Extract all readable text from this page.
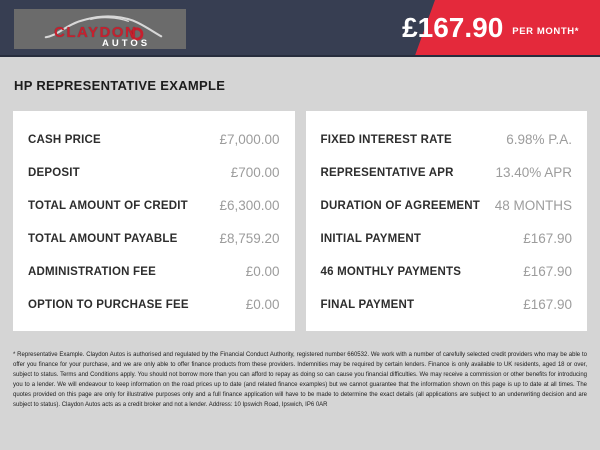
CLAYDON
AUTOS
£167.90 PER MONTH*
HP REPRESENTATIVE EXAMPLE
CASH PRICE	£7,000.00
DEPOSIT	£700.00
TOTAL AMOUNT OF CREDIT £6,300.00
TOTAL AMOUNT PAYABLE	£8,759.20
ADMINISTRATION FEE	£0.00
OPTION TO PURCHASE FEE	£0.00
FIXED INTEREST RATE	6.98% P.A.
REPRESENTATIVE APR	13.40% APR
DURATION OF AGREEMENT 48 MONTHS
INITIAL PAYMENT	£167.90
46 MONTHLY PAYMENTS	£167.90
FINAL PAYMENT	£167.90

* Representative Example. Claydon Autos is authorised and regulated by the Financial Conduct Authority, registered number 660532. We work with a number of carefully selected credit providers who may be able to offer you finance for your purchase, and we are only able to offer finance products from these providers. Indemnities may be required by certain lenders. Finance is only available to UK residents, aged 18 or over, subject to status. Terms and Conditions apply. You should not borrow more than you can afford to repay as doing so can cause you financial difficulties. We may receive a commission or other benefits for introducing you to a lender. We will endeavour to keep information on the road prices up to date (and related finance examples) but we cannot guarantee that the information shown on this page is up to date at all times. The quotes provided on this page are only for illustrative purposes only and a full finance application will have to be made to determine the exact details (all applications are subject to an underwriting decision and are subject to status). Claydon Autos acts as a credit broker and not a lender. Address: 10 Ipswich Road, Ipswich, IP6 0AR
